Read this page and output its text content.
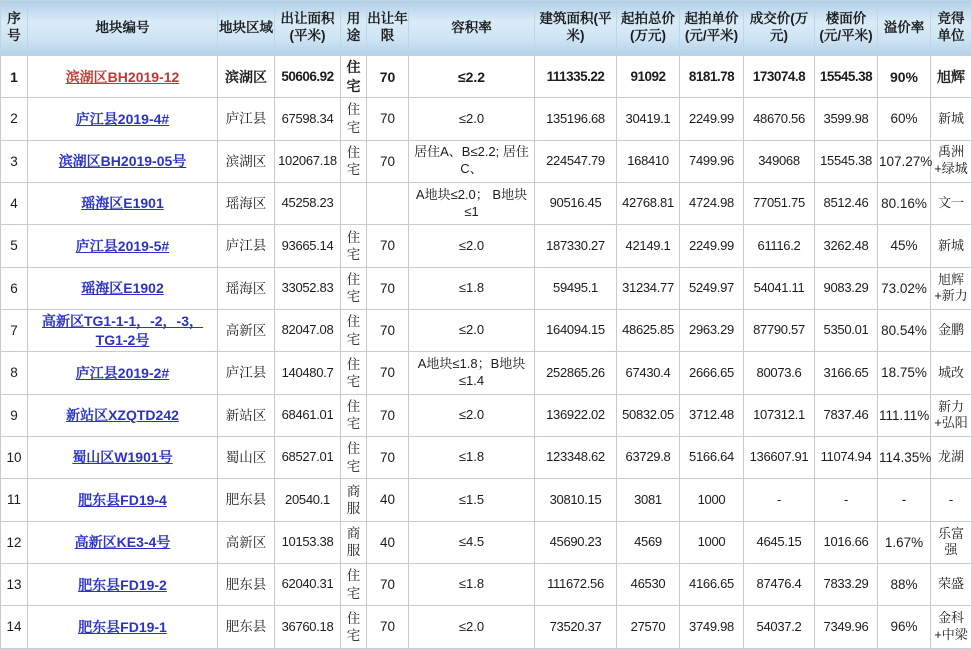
序号	地块编号	地块区域	出让面积(平米)	用途	出让年限	容积率	建筑面积(平米)	起拍总价(万元)	起拍单价(元/平米)	成交价(万元)	楼面价(元/平米)	溢价率	竞得单位
1	滨湖区BH2019-12	滨湖区	50606.92	住宅	70	≤2.2	111335.22	91092	8181.78	173074.8	15545.38	90%	旭辉
2	庐江县2019-4#	庐江县	67598.34	住宅	70	≤2.0	135196.68	30419.1	2249.99	48670.56	3599.98	60%	新城
3	滨湖区BH2019-05号	滨湖区	102067.18	住宅	70	居住A、B≤2.2; 居住C、	224547.79	168410	7499.96	349068	15545.38	107.27%	禹洲+绿城
4	瑶海区E1901	瑶海区	45258.23			A地块≤2.0； B地块≤1	90516.45	42768.81	4724.98	77051.75	8512.46	80.16%	文一
5	庐江县2019-5#	庐江县	93665.14	住宅	70	≤2.0	187330.27	42149.1	2249.99	61116.2	3262.48	45%	新城
6	瑶海区E1902	瑶海区	33052.83	住宅	70	≤1.8	59495.1	31234.77	5249.97	54041.11	9083.29	73.02%	旭辉+新力
7	高新区TG1-1-1，-2，-3，TG1-2号	高新区	82047.08	住宅	70	≤2.0	164094.15	48625.85	2963.29	87790.57	5350.01	80.54%	金鹏
8	庐江县2019-2#	庐江县	140480.7	住宅	70	A地块≤1.8；B地块≤1.4	252865.26	67430.4	2666.65	80073.6	3166.65	18.75%	城改
9	新站区XZQTD242	新站区	68461.01	住宅	70	≤2.0	136922.02	50832.05	3712.48	107312.1	7837.46	111.11%	新力+弘阳
10	蜀山区W1901号	蜀山区	68527.01	住宅	70	≤1.8	123348.62	63729.8	5166.64	136607.91	11074.94	114.35%	龙湖
11	肥东县FD19-4	肥东县	20540.1	商服	40	≤1.5	30810.15	3081	1000	-	-	-	-
12	高新区KE3-4号	高新区	10153.38	商服	40	≤4.5	45690.23	4569	1000	4645.15	1016.66	1.67%	乐富强
13	肥东县FD19-2	肥东县	62040.31	住宅	70	≤1.8	111672.56	46530	4166.65	87476.4	7833.29	88%	荣盛
14	肥东县FD19-1	肥东县	36760.18	住宅	70	≤2.0	73520.37	27570	3749.98	54037.2	7349.96	96%	金科+中梁
